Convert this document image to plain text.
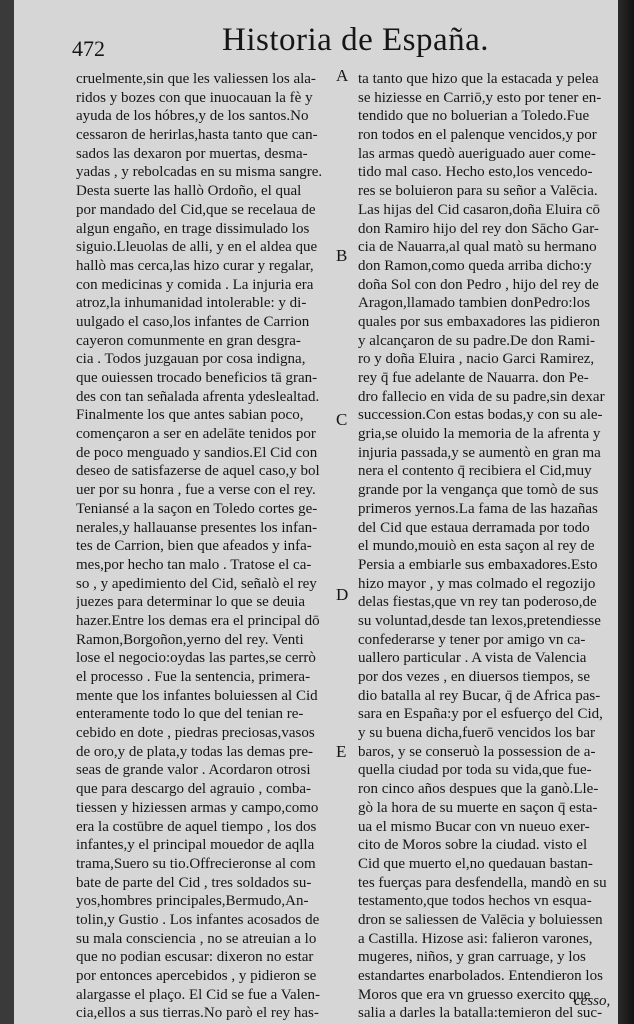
472	Historia de España.
cruelmente,sin que les valiessen los ala-
ridos y bozes con que inuocauan la fè y
ayuda de los hóbres,y de los santos.No
cessaron de herirlas,hasta tanto que can-
sados las dexaron por muertas, desma-
yadas , y rebolcadas en su misma sangre.
Desta suerte las hallò Ordoño, el qual
por mandado del Cid,que se recelaua de
algun engaño, en trage dissimulado los
siguio.Lleuolas de alli, y en el aldea que
hallò mas cerca,las hizo curar y regalar,
con medicinas y comida . La injuria era
atroz,la inhumanidad intolerable: y di-
uulgado el caso,los infantes de Carrion
cayeron comunmente en gran desgra-
cia . Todos juzgauan por cosa indigna,
que ouiessen trocado beneficios tā gran-
des con tan señalada afrenta ydeslealtad.
Finalmente los que antes sabian poco,
començaron a ser en adelāte tenidos por
de poco menguado y sandios.El Cid con
deseo de satisfazerse de aquel caso,y bol
uer por su honra , fue a verse con el rey.
Teniansé a la saçon en Toledo cortes ge-
nerales,y hallauanse presentes los infan-
tes de Carrion, bien que afeados y infa-
mes,por hecho tan malo . Tratose el ca-
so , y apedimiento del Cid, señalò el rey
juezes para determinar lo que se deuia
hazer.Entre los demas era el principal dō
Ramon,Borgoñon,yerno del rey. Venti
lose el negocio:oydas las partes,se cerrò
el processo . Fue la sentencia, primera-
mente que los infantes boluiessen al Cid
enteramente todo lo que del tenian re-
cebido en dote , piedras preciosas,vasos
de oro,y de plata,y todas las demas pre-
seas de grande valor . Acordaron otrosi
que para descargo del agrauio , comba-
tiessen y hiziessen armas y campo,como
era la costūbre de aquel tiempo , los dos
infantes,y el principal mouedor de aqlla
trama,Suero su tio.Offrecieronse al com
bate de parte del Cid , tres soldados su-
yos,hombres principales,Bermudo,An-
tolin,y Gustio . Los infantes acosados de
su mala consciencia , no se atreuian a lo
que no podian escusar: dixeron no estar
por entonces apercebidos , y pidieron se
alargasse el plaço. El Cid se fue a Valen-
cia,ellos a sus tierras.No parò el rey has-
ta tanto que hizo que la estacada y pelea
se hiziesse en Carriō,y esto por tener en-
tendido que no boluerian a Toledo.Fue
ron todos en el palenque vencidos,y por
las armas quedò aueriguado auer come-
tido mal caso. Hecho esto,los vencedo-
res se boluieron para su señor a Valēcia.
Las hijas del Cid casaron,doña Eluira cō
don Ramiro hijo del rey don Sācho Gar-
cia de Nauarra,al qual matò su hermano
don Ramon,como queda arriba dicho:y
doña Sol con don Pedro , hijo del rey de
Aragon,llamado tambien donPedro:los
quales por sus embaxadores las pidieron
y alcançaron de su padre.De don Rami-
ro y doña Eluira , nacio Garci Ramirez,
rey q̄ fue adelante de Nauarra. don Pe-
dro fallecio en vida de su padre,sin dexar
succession.Con estas bodas,y con su ale-
gria,se oluido la memoria de la afrenta y
injuria passada,y se aumentò en gran ma
nera el contento q̄ recibiera el Cid,muy
grande por la vengança que tomò de sus
primeros yernos.La fama de las hazañas
del Cid que estaua derramada por todo
el mundo,mouiò en esta saçon al rey de
Persia a embiarle sus embaxadores.Esto
hizo mayor , y mas colmado el regozijo
delas fiestas,que vn rey tan poderoso,de
su voluntad,desde tan lexos,pretendiesse
confederarse y tener por amigo vn ca-
uallero particular . A vista de Valencia
por dos vezes , en diuersos tiempos, se
dio batalla al rey Bucar, q̄ de Africa pas-
sara en España:y por el esfuerço del Cid,
y su buena dicha,fuerō vencidos los bar
baros, y se conseruò la possession de a-
quella ciudad por toda su vida,que fue-
ron cinco años despues que la ganò.Lle-
gò la hora de su muerte en saçon q̄ esta-
ua el mismo Bucar con vn nueuo exer-
cito de Moros sobre la ciudad. visto el
Cid que muerto el,no quedauan bastan-
tes fuerças para desfendella, mandò en su
testamento,que todos hechos vn esqua-
dron se saliessen de Valēcia y boluiessen
a Castilla. Hizose asi: falieron varones,
mugeres, niños, y gran carruage, y los
estandartes enarbolados. Entendieron los
Moros que era vn gruesso exercito que
salia a darles la batalla:temieron del suc-
A
B
C
D
E
cesso,
